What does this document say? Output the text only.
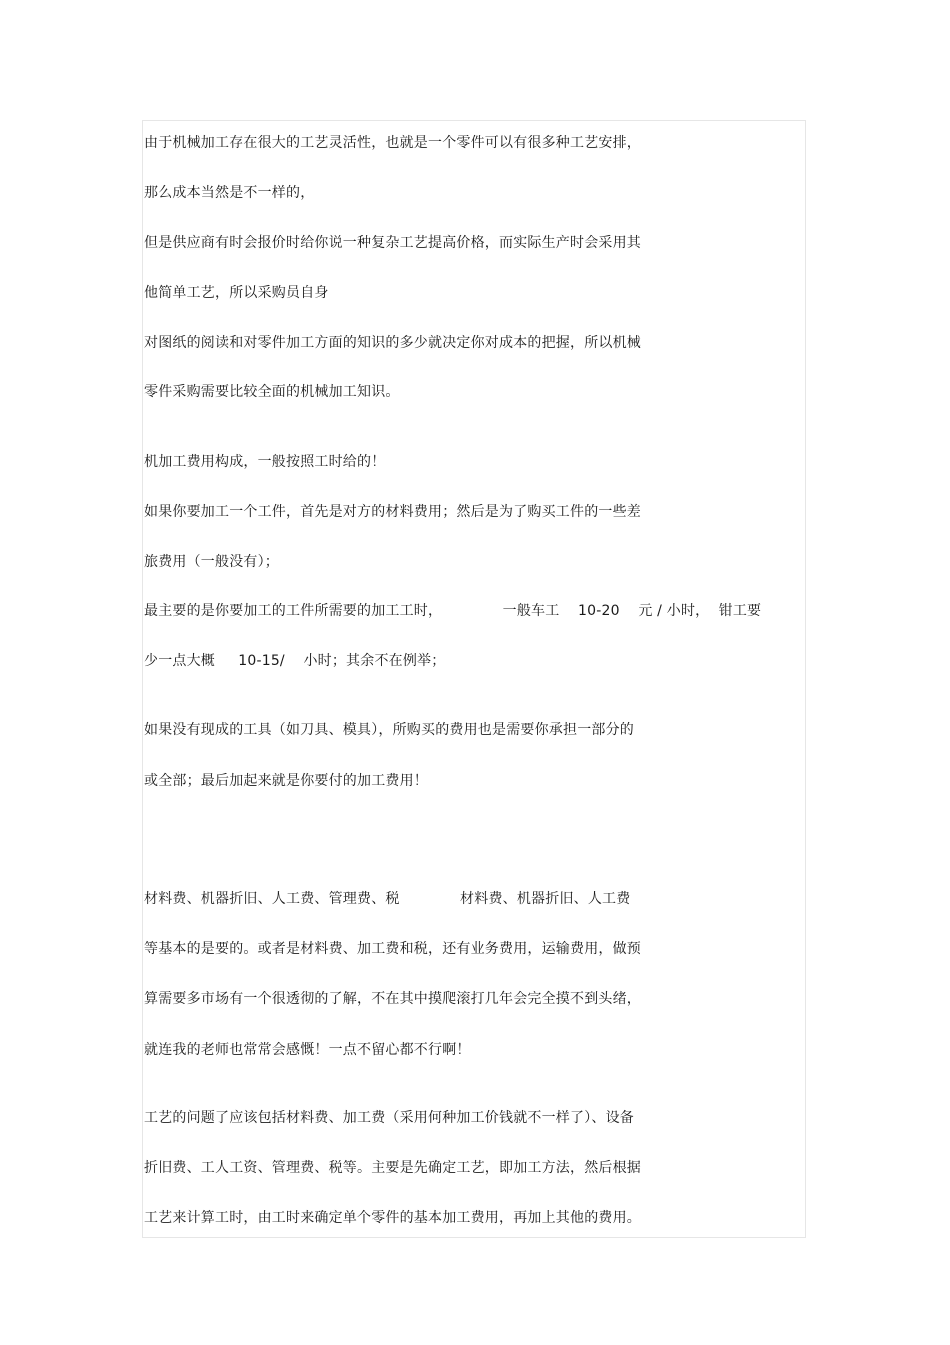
由于机械加工存在很大的工艺灵活性，也就是一个零件可以有很多种工艺安排，
那么成本当然是不一样的，
但是供应商有时会报价时给你说一种复杂工艺提高价格，而实际生产时会采用其
他简单工艺，所以采购员自身
对图纸的阅读和对零件加工方面的知识的多少就决定你对成本的把握，所以机械
零件采购需要比较全面的机械加工知识。
机加工费用构成，一般按照工时给的！
如果你要加工一个工件，首先是对方的材料费用；然后是为了购买工件的一些差
旅费用（一般没有）；
最主要的是你要加工的工件所需要的加工工时，             一般车工    10-20    元 / 小时，  钳工要
少一点大概     10-15/    小时；其余不在例举；
如果没有现成的工具（如刀具、模具），所购买的费用也是需要你承担一部分的
或全部；最后加起来就是你要付的加工费用！
材料费、机器折旧、人工费、管理费、税             材料费、机器折旧、人工费
等基本的是要的。或者是材料费、加工费和税，还有业务费用，运输费用，做预
算需要多市场有一个很透彻的了解，不在其中摸爬滚打几年会完全摸不到头绪，
就连我的老师也常常会感慨！一点不留心都不行啊！
工艺的问题了应该包括材料费、加工费（采用何种加工价钱就不一样了）、设备
折旧费、工人工资、管理费、税等。主要是先确定工艺，即加工方法，然后根据
工艺来计算工时，由工时来确定单个零件的基本加工费用，再加上其他的费用。
